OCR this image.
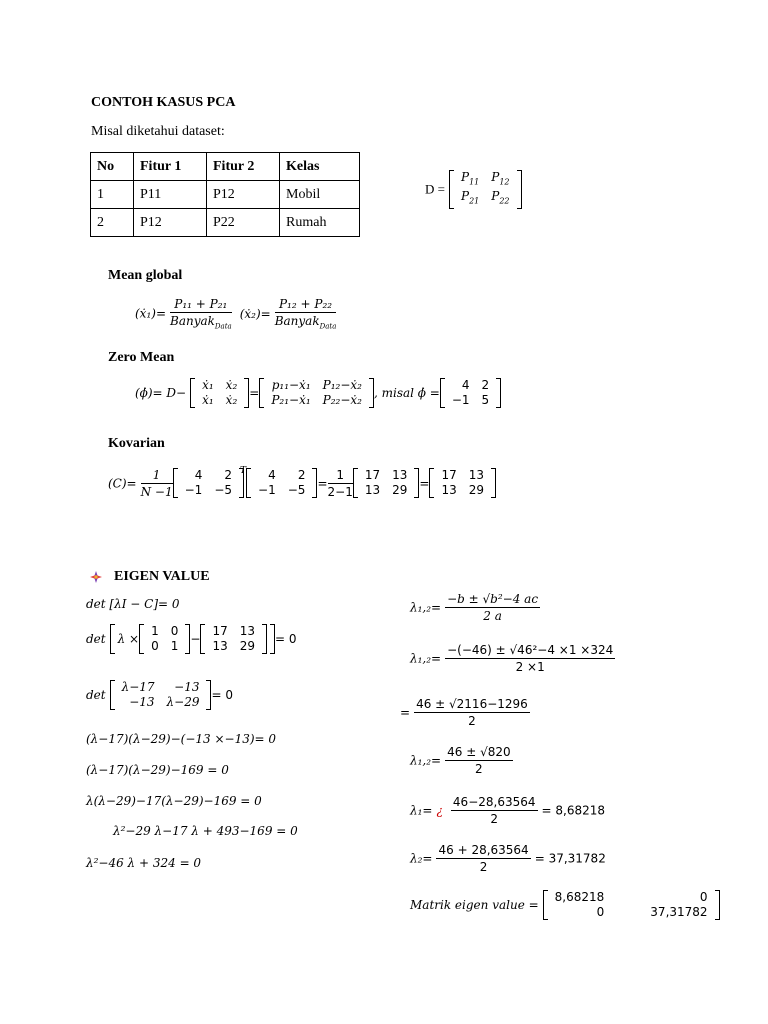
CONTOH KASUS PCA
Misal diketahui dataset:
No	Fitur 1	Fitur 2	Kelas
1	P11	P12	Mobil
2	P12	P22	Rumah
D =
$P_{11}$	$P_{12}$
$P_{21}$	$P_{22}$
Mean global
(ẋ₁)= $\frac{\text{P₁₁ + P₂₁}}{Banyak_{Data}}$ (ẋ₂)= $\frac{\text{P₁₂ + P₂₂}}{Banyak_{Data}}$
Zero Mean
(ϕ̇)= D−
ẋ₁	ẋ₂
ẋ₁	ẋ₂ =
p₁₁−ẋ₁	P₁₂−ẋ₂
P₂₁−ẋ₁	P₂₂−ẋ₂ , misal ϕ̇ =
4	2
−1	5
Kovarian
$(C)= \frac{1}{N -1} 4$	2
−1	−5
$^T$ 4	2
−1	$-5 = \frac{1}{2-1} 17$	13
13	29 =
17	13
13	29
EIGEN VALUE
det [λI − C]= 0
det λ ×
1	0
0	1 −
17	13
13	29 = 0
det
λ−17	−13
−13	λ−29 = 0
(λ−17)(λ−29)−(−13 ×−13)= 0
(λ−17)(λ−29)−169 = 0
λ(λ−29)−17(λ−29)−169 = 0
λ²−29 λ−17 λ + 493−169 = 0
λ²−46 λ + 324 = 0
$\lambda_1,_2= \frac{\text{−b ± √b²−4 ac}}{2 a}$
$\lambda_1,_2= \frac{\text{−(−46) ± √46²−4 ×1 ×324}}{2 \times 1}$
= $\frac{46 \pm √2116-1296}{2}$
$\lambda_1,_2= \frac{46 \pm √820}{2}$
λ₁= ¿ $\frac{46-28,63564}{2} = 8,68218$
$\lambda_2= \frac{46 + 28,63564}{2} = 37,31782$
Matrik eigen value =
8,68218	0
0	37,31782
